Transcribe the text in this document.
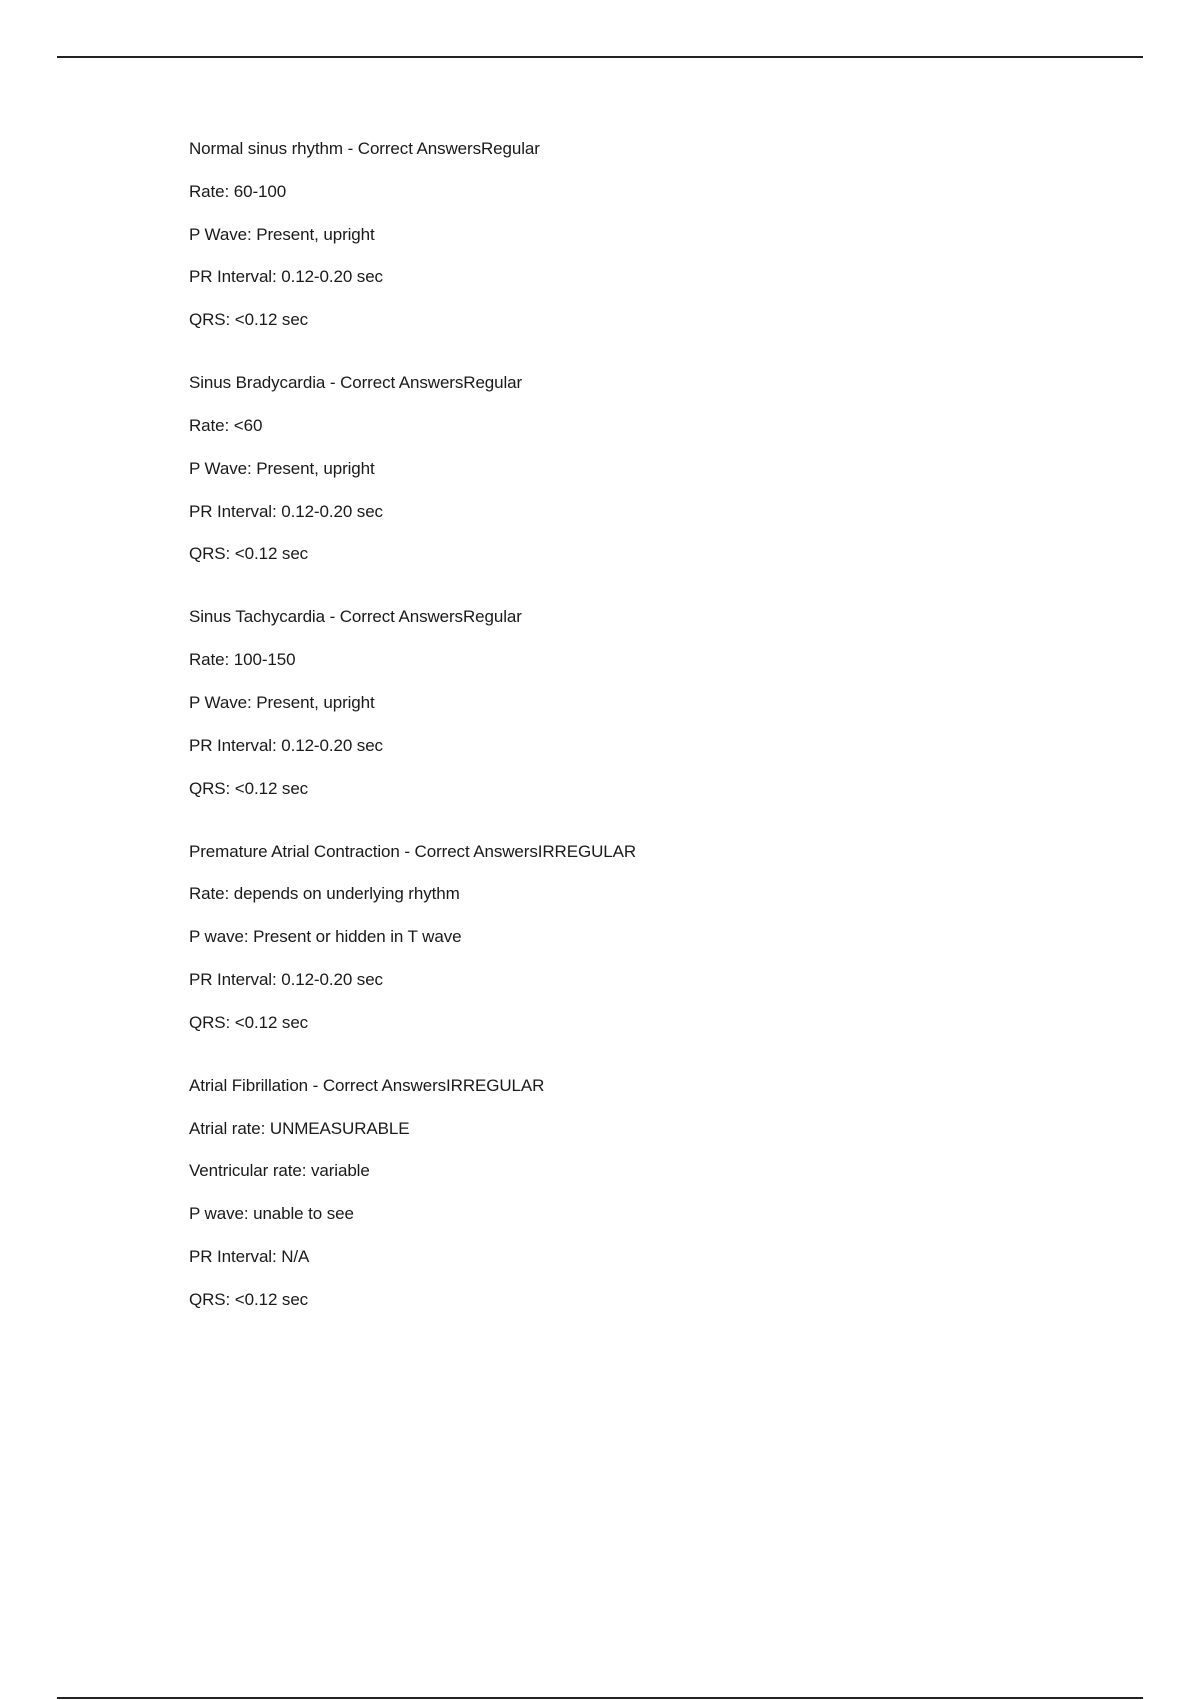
Normal sinus rhythm - Correct AnswersRegular
Rate: 60-100
P Wave: Present, upright
PR Interval: 0.12-0.20 sec
QRS: <0.12 sec
Sinus Bradycardia - Correct AnswersRegular
Rate: <60
P Wave: Present, upright
PR Interval: 0.12-0.20 sec
QRS: <0.12 sec
Sinus Tachycardia - Correct AnswersRegular
Rate: 100-150
P Wave: Present, upright
PR Interval: 0.12-0.20 sec
QRS: <0.12 sec
Premature Atrial Contraction - Correct AnswersIRREGULAR
Rate: depends on underlying rhythm
P wave: Present or hidden in T wave
PR Interval: 0.12-0.20 sec
QRS: <0.12 sec
Atrial Fibrillation - Correct AnswersIRREGULAR
Atrial rate: UNMEASURABLE
Ventricular rate: variable
P wave: unable to see
PR Interval: N/A
QRS: <0.12 sec
